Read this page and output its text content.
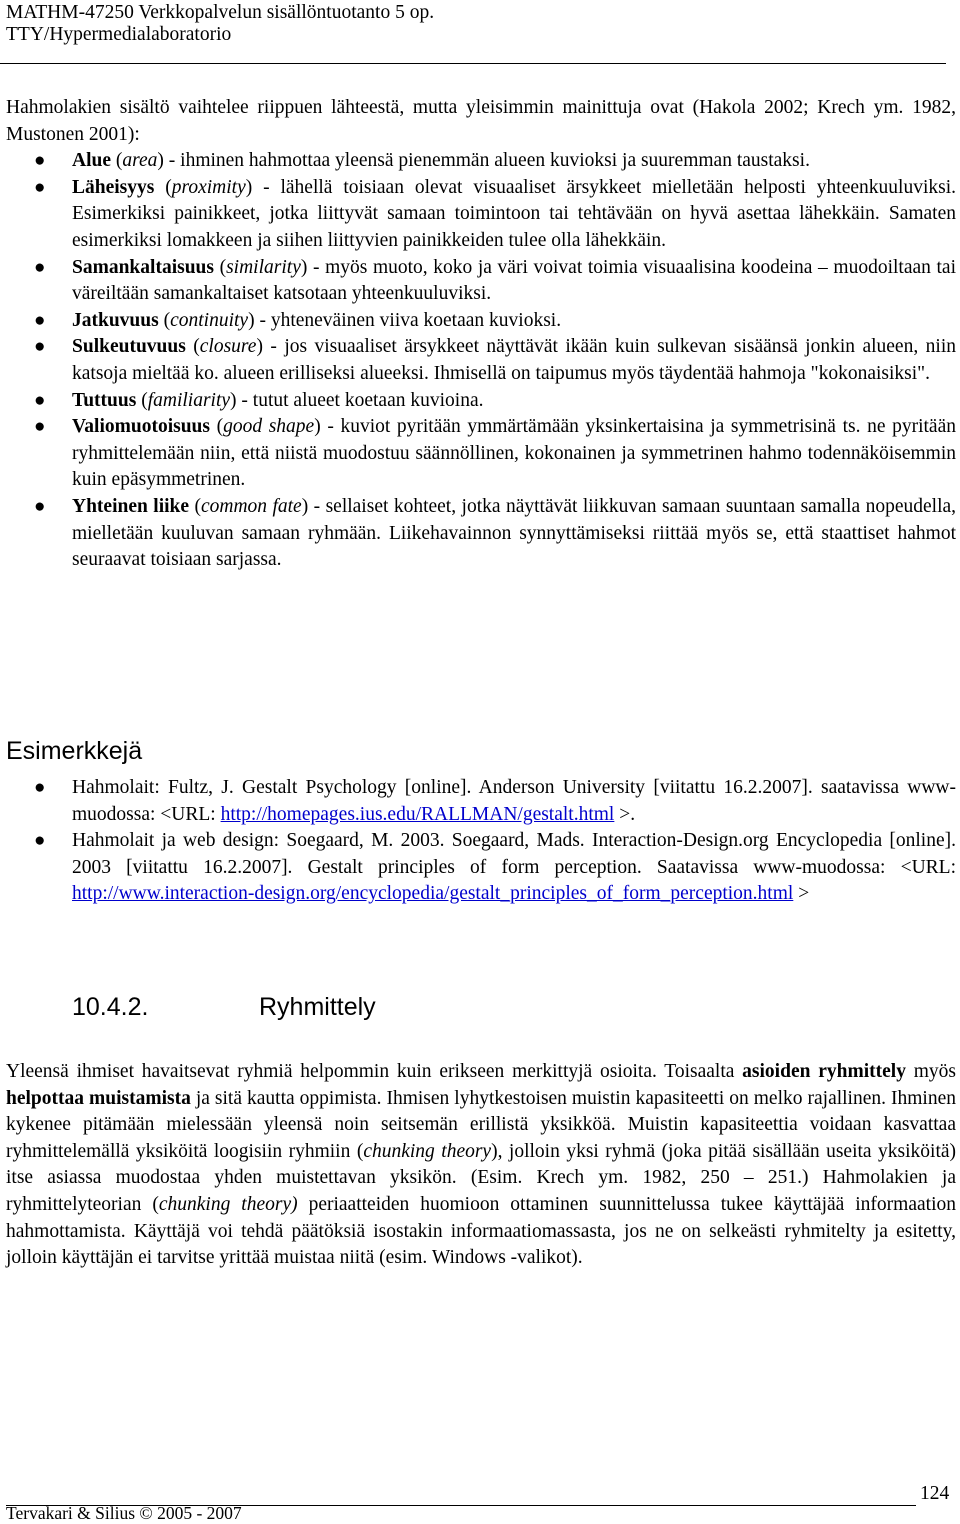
MATHM-47250 Verkkopalvelun sisällöntuotanto 5 op.
TTY/Hypermedialaboratorio

Hahmolakien sisältö vaihtelee riippuen lähteestä, mutta yleisimmin mainittuja ovat (Hakola 2002; Krech ym. 1982, Mustonen 2001):

● Alue (area) - ihminen hahmottaa yleensä pienemmän alueen kuvioksi ja suuremman taustaksi.
● Läheisyys (proximity) - lähellä toisiaan olevat visuaaliset ärsykkeet mielletään helposti yhteenkuuluviksi. Esimerkiksi painikkeet, jotka liittyvät samaan toimintoon tai tehtävään on hyvä asettaa lähekkäin. Samaten esimerkiksi lomakkeen ja siihen liittyvien painikkeiden tulee olla lähekkäin.
● Samankaltaisuus (similarity) - myös muoto, koko ja väri voivat toimia visuaalisina koodeina – muodoiltaan tai väreiltään samankaltaiset katsotaan yhteenkuuluviksi.
● Jatkuvuus (continuity) - yhteneväinen viiva koetaan kuvioksi.
● Sulkeutuvuus (closure) - jos visuaaliset ärsykkeet näyttävät ikään kuin sulkevan sisäänsä jonkin alueen, niin katsoja mieltää ko. alueen erilliseksi alueeksi. Ihmisellä on taipumus myös täydentää hahmoja "kokonaisiksi".
● Tuttuus (familiarity) - tutut alueet koetaan kuvioina.
● Valiomuotoisuus (good shape) - kuviot pyritään ymmärtämään yksinkertaisina ja symmetrisinä ts. ne pyritään ryhmittelemään niin, että niistä muodostuu säännöllinen, kokonainen ja symmetrinen hahmo todennäköisemmin kuin epäsymmetrinen.
● Yhteinen liike (common fate) - sellaiset kohteet, jotka näyttävät liikkuvan samaan suuntaan samalla nopeudella, mielletään kuuluvan samaan ryhmään. Liikehavainnon synnyttämiseksi riittää myös se, että staattiset hahmot seuraavat toisiaan sarjassa.
Esimerkkejä
● Hahmolait: Fultz, J. Gestalt Psychology [online]. Anderson University [viitattu 16.2.2007]. saatavissa www-muodossa: <URL: http://homepages.ius.edu/RALLMAN/gestalt.html >.
● Hahmolait ja web design: Soegaard, M. 2003. Soegaard, Mads. Interaction-Design.org Encyclopedia [online]. 2003 [viitattu 16.2.2007]. Gestalt principles of form perception. Saatavissa www-muodossa: <URL: http://www.interaction-design.org/encyclopedia/gestalt_principles_of_form_perception.html >
10.4.2.	Ryhmittely

Yleensä ihmiset havaitsevat ryhmiä helpommin kuin erikseen merkittyjä osioita. Toisaalta asioiden ryhmittely myös helpottaa muistamista ja sitä kautta oppimista. Ihmisen lyhytkestoisen muistin kapasiteetti on melko rajallinen. Ihminen kykenee pitämään mielessään yleensä noin seitsemän erillistä yksikköä. Muistin kapasiteettia voidaan kasvattaa ryhmittelemällä yksiköitä loogisiin ryhmiin (chunking theory), jolloin yksi ryhmä (joka pitää sisällään useita yksiköitä) itse asiassa muodostaa yhden muistettavan yksikön. (Esim. Krech ym. 1982, 250 – 251.) Hahmolakien ja ryhmittelyteorian (chunking theory) periaatteiden huomioon ottaminen suunnittelussa tukee käyttäjää informaation hahmottamista. Käyttäjä voi tehdä päätöksiä isostakin informaatiomassasta, jos ne on selkeästi ryhmitelty ja esitetty, jolloin käyttäjän ei tarvitse yrittää muistaa niitä (esim. Windows -valikot).

124
Tervakari & Silius © 2005 - 2007
